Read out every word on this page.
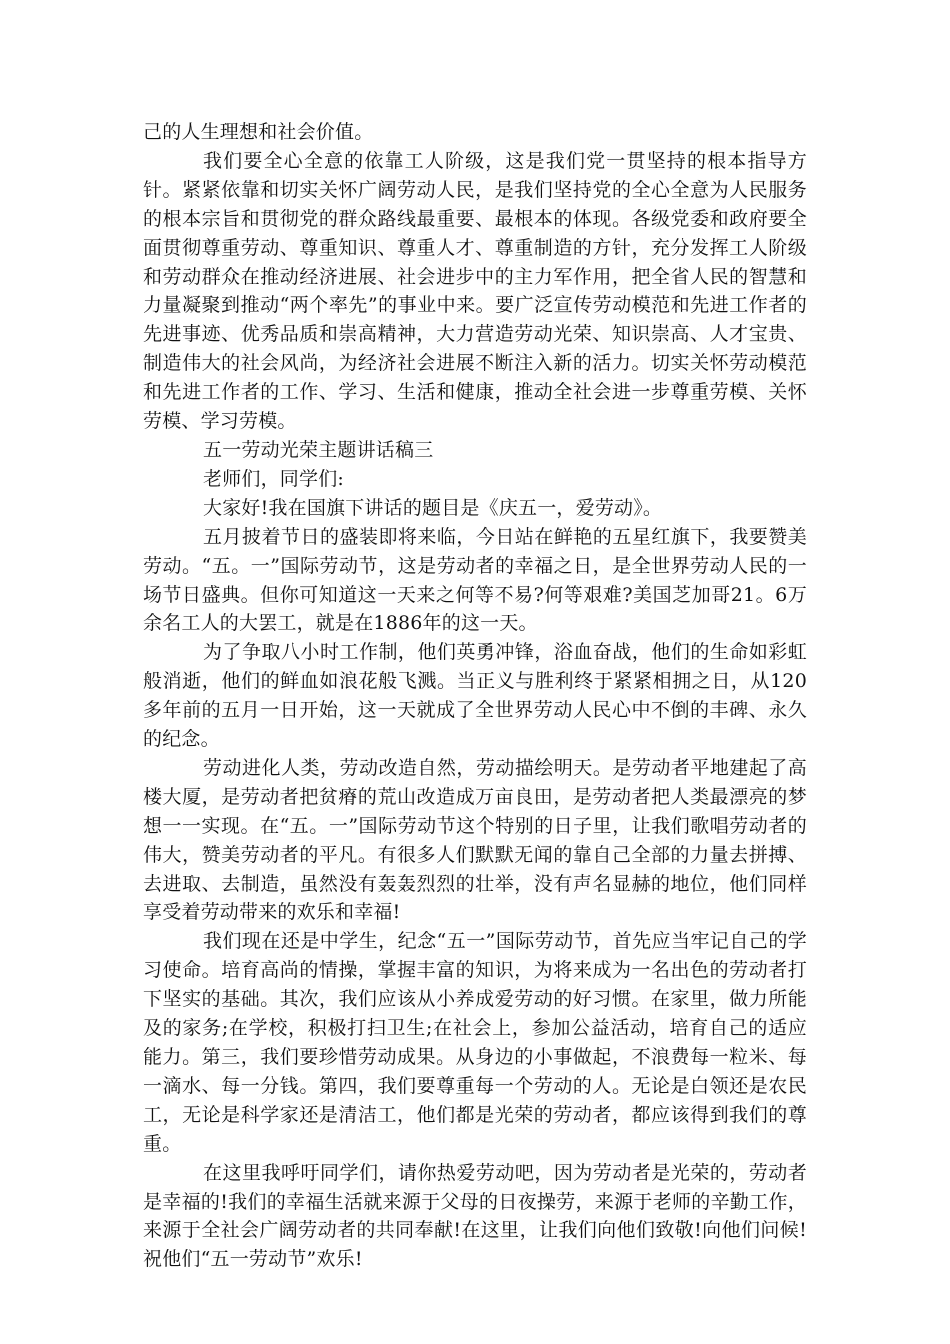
己的人生理想和社会价值。

我们要全心全意的依靠工人阶级，这是我们党一贯坚持的根本指导方针。紧紧依靠和切实关怀广阔劳动人民，是我们坚持党的全心全意为人民服务的根本宗旨和贯彻党的群众路线最重要、最根本的体现。各级党委和政府要全面贯彻尊重劳动、尊重知识、尊重人才、尊重制造的方针，充分发挥工人阶级和劳动群众在推动经济进展、社会进步中的主力军作用，把全省人民的智慧和力量凝聚到推动“两个率先”的事业中来。要广泛宣传劳动模范和先进工作者的先进事迹、优秀品质和崇高精神，大力营造劳动光荣、知识崇高、人才宝贵、制造伟大的社会风尚，为经济社会进展不断注入新的活力。切实关怀劳动模范和先进工作者的工作、学习、生活和健康，推动全社会进一步尊重劳模、关怀劳模、学习劳模。

五一劳动光荣主题讲话稿三

老师们，同学们:

大家好!我在国旗下讲话的题目是《庆五一，爱劳动》。

五月披着节日的盛装即将来临，今日站在鲜艳的五星红旗下，我要赞美劳动。“五。一”国际劳动节，这是劳动者的幸福之日，是全世界劳动人民的一场节日盛典。但你可知道这一天来之何等不易?何等艰难?美国芝加哥21。6万余名工人的大罢工，就是在1886年的这一天。

为了争取八小时工作制，他们英勇冲锋，浴血奋战，他们的生命如彩虹般消逝，他们的鲜血如浪花般飞溅。当正义与胜利终于紧紧相拥之日，从120多年前的五月一日开始，这一天就成了全世界劳动人民心中不倒的丰碑、永久的纪念。

劳动进化人类，劳动改造自然，劳动描绘明天。是劳动者平地建起了高楼大厦，是劳动者把贫瘠的荒山改造成万亩良田，是劳动者把人类最漂亮的梦想一一实现。在“五。一”国际劳动节这个特别的日子里，让我们歌唱劳动者的伟大，赞美劳动者的平凡。有很多人们默默无闻的靠自己全部的力量去拼搏、去进取、去制造，虽然没有轰轰烈烈的壮举，没有声名显赫的地位，他们同样享受着劳动带来的欢乐和幸福!

我们现在还是中学生，纪念“五一”国际劳动节，首先应当牢记自己的学习使命。培育高尚的情操，掌握丰富的知识，为将来成为一名出色的劳动者打下坚实的基础。其次，我们应该从小养成爱劳动的好习惯。在家里，做力所能及的家务;在学校，积极打扫卫生;在社会上，参加公益活动，培育自己的适应能力。第三，我们要珍惜劳动成果。从身边的小事做起，不浪费每一粒米、每一滴水、每一分钱。第四，我们要尊重每一个劳动的人。无论是白领还是农民工，无论是科学家还是清洁工，他们都是光荣的劳动者，都应该得到我们的尊重。

在这里我呼吁同学们，请你热爱劳动吧，因为劳动者是光荣的，劳动者是幸福的!我们的幸福生活就来源于父母的日夜操劳，来源于老师的辛勤工作，来源于全社会广阔劳动者的共同奉献!在这里，让我们向他们致敬!向他们问候!祝他们“五一劳动节”欢乐!
